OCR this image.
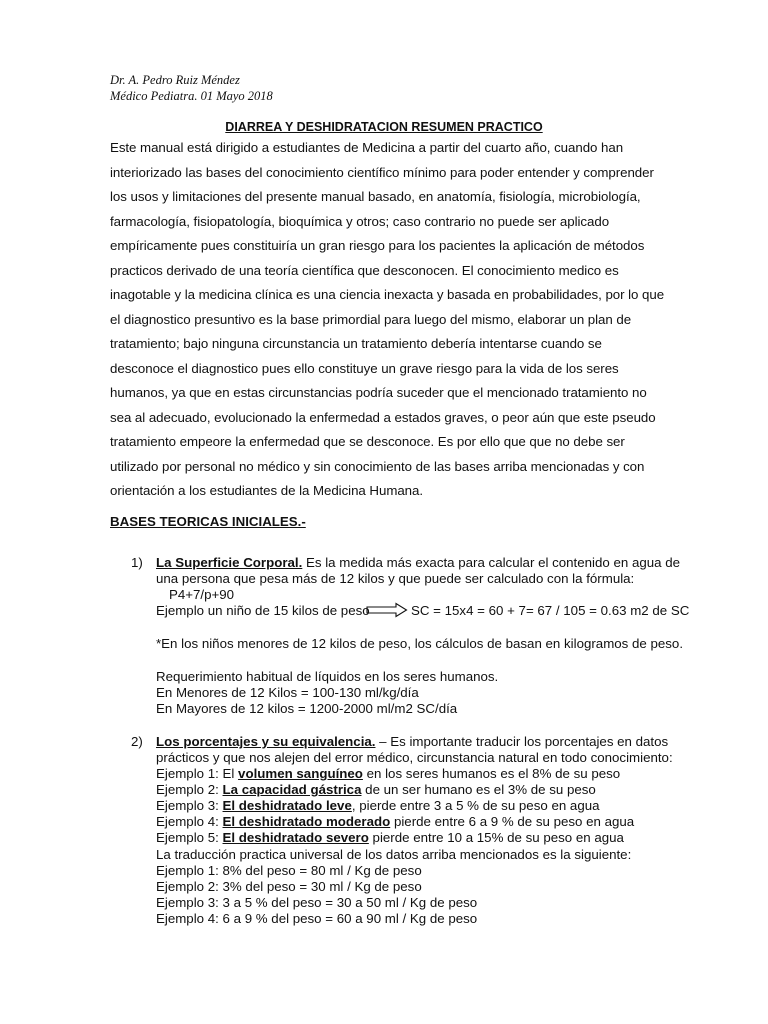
Dr. A. Pedro Ruiz Méndez
Médico Pediatra. 01 Mayo 2018
DIARREA Y DESHIDRATACION RESUMEN PRACTICO

Este manual está dirigido a estudiantes de Medicina a partir del cuarto año, cuando han
interiorizado las bases del conocimiento científico mínimo para poder entender y comprender
los usos y limitaciones del presente manual basado, en anatomía, fisiología, microbiología,
farmacología, fisiopatología, bioquímica y otros; caso contrario no puede ser aplicado
empíricamente pues constituiría un gran riesgo para los pacientes la aplicación de métodos
practicos derivado de una teoría científica que desconocen. El conocimiento medico es
inagotable y la medicina clínica es una ciencia inexacta y basada en probabilidades, por lo que
el diagnostico presuntivo es la base primordial para luego del mismo, elaborar un plan de
tratamiento; bajo ninguna circunstancia un tratamiento debería intentarse cuando se
desconoce el diagnostico pues ello constituye un grave riesgo para la vida de los seres
humanos, ya que en estas circunstancias podría suceder que el mencionado tratamiento no
sea al adecuado, evolucionado la enfermedad a estados graves, o peor aún que este pseudo
tratamiento empeore la enfermedad que se desconoce. Es por ello que que no debe ser
utilizado por personal no médico y sin conocimiento de las bases arriba mencionadas y con
orientación a los estudiantes de la Medicina Humana.

BASES TEORICAS INICIALES.-
1) La Superficie Corporal. Es la medida más exacta para calcular el contenido en agua de
una persona que pesa más de 12 kilos y que puede ser calculado con la fórmula:
P4+7/p+90
Ejemplo un niño de 15 kilos de peso	SC = 15x4 = 60 + 7= 67 / 105 = 0.63 m2 de SC
*En los niños menores de 12 kilos de peso, los cálculos de basan en kilogramos de peso.
Requerimiento habitual de líquidos en los seres humanos.
En Menores de 12 Kilos = 100-130 ml/kg/día
En Mayores de 12 kilos = 1200-2000 ml/m2 SC/día
2) Los porcentajes y su equivalencia. – Es importante traducir los porcentajes en datos
prácticos y que nos alejen del error médico, circunstancia natural en todo conocimiento:
Ejemplo 1: El volumen sanguíneo en los seres humanos es el 8% de su peso
Ejemplo 2: La capacidad gástrica de un ser humano es el 3% de su peso
Ejemplo 3: El deshidratado leve, pierde entre 3 a 5 % de su peso en agua
Ejemplo 4: El deshidratado moderado pierde entre 6 a 9 % de su peso en agua
Ejemplo 5: El deshidratado severo pierde entre 10 a 15% de su peso en agua
La traducción practica universal de los datos arriba mencionados es la siguiente:
Ejemplo 1: 8% del peso = 80 ml / Kg de peso
Ejemplo 2: 3% del peso = 30 ml / Kg de peso
Ejemplo 3: 3 a 5 % del peso = 30 a 50 ml / Kg de peso
Ejemplo 4: 6 a 9 % del peso = 60 a 90 ml / Kg de peso
